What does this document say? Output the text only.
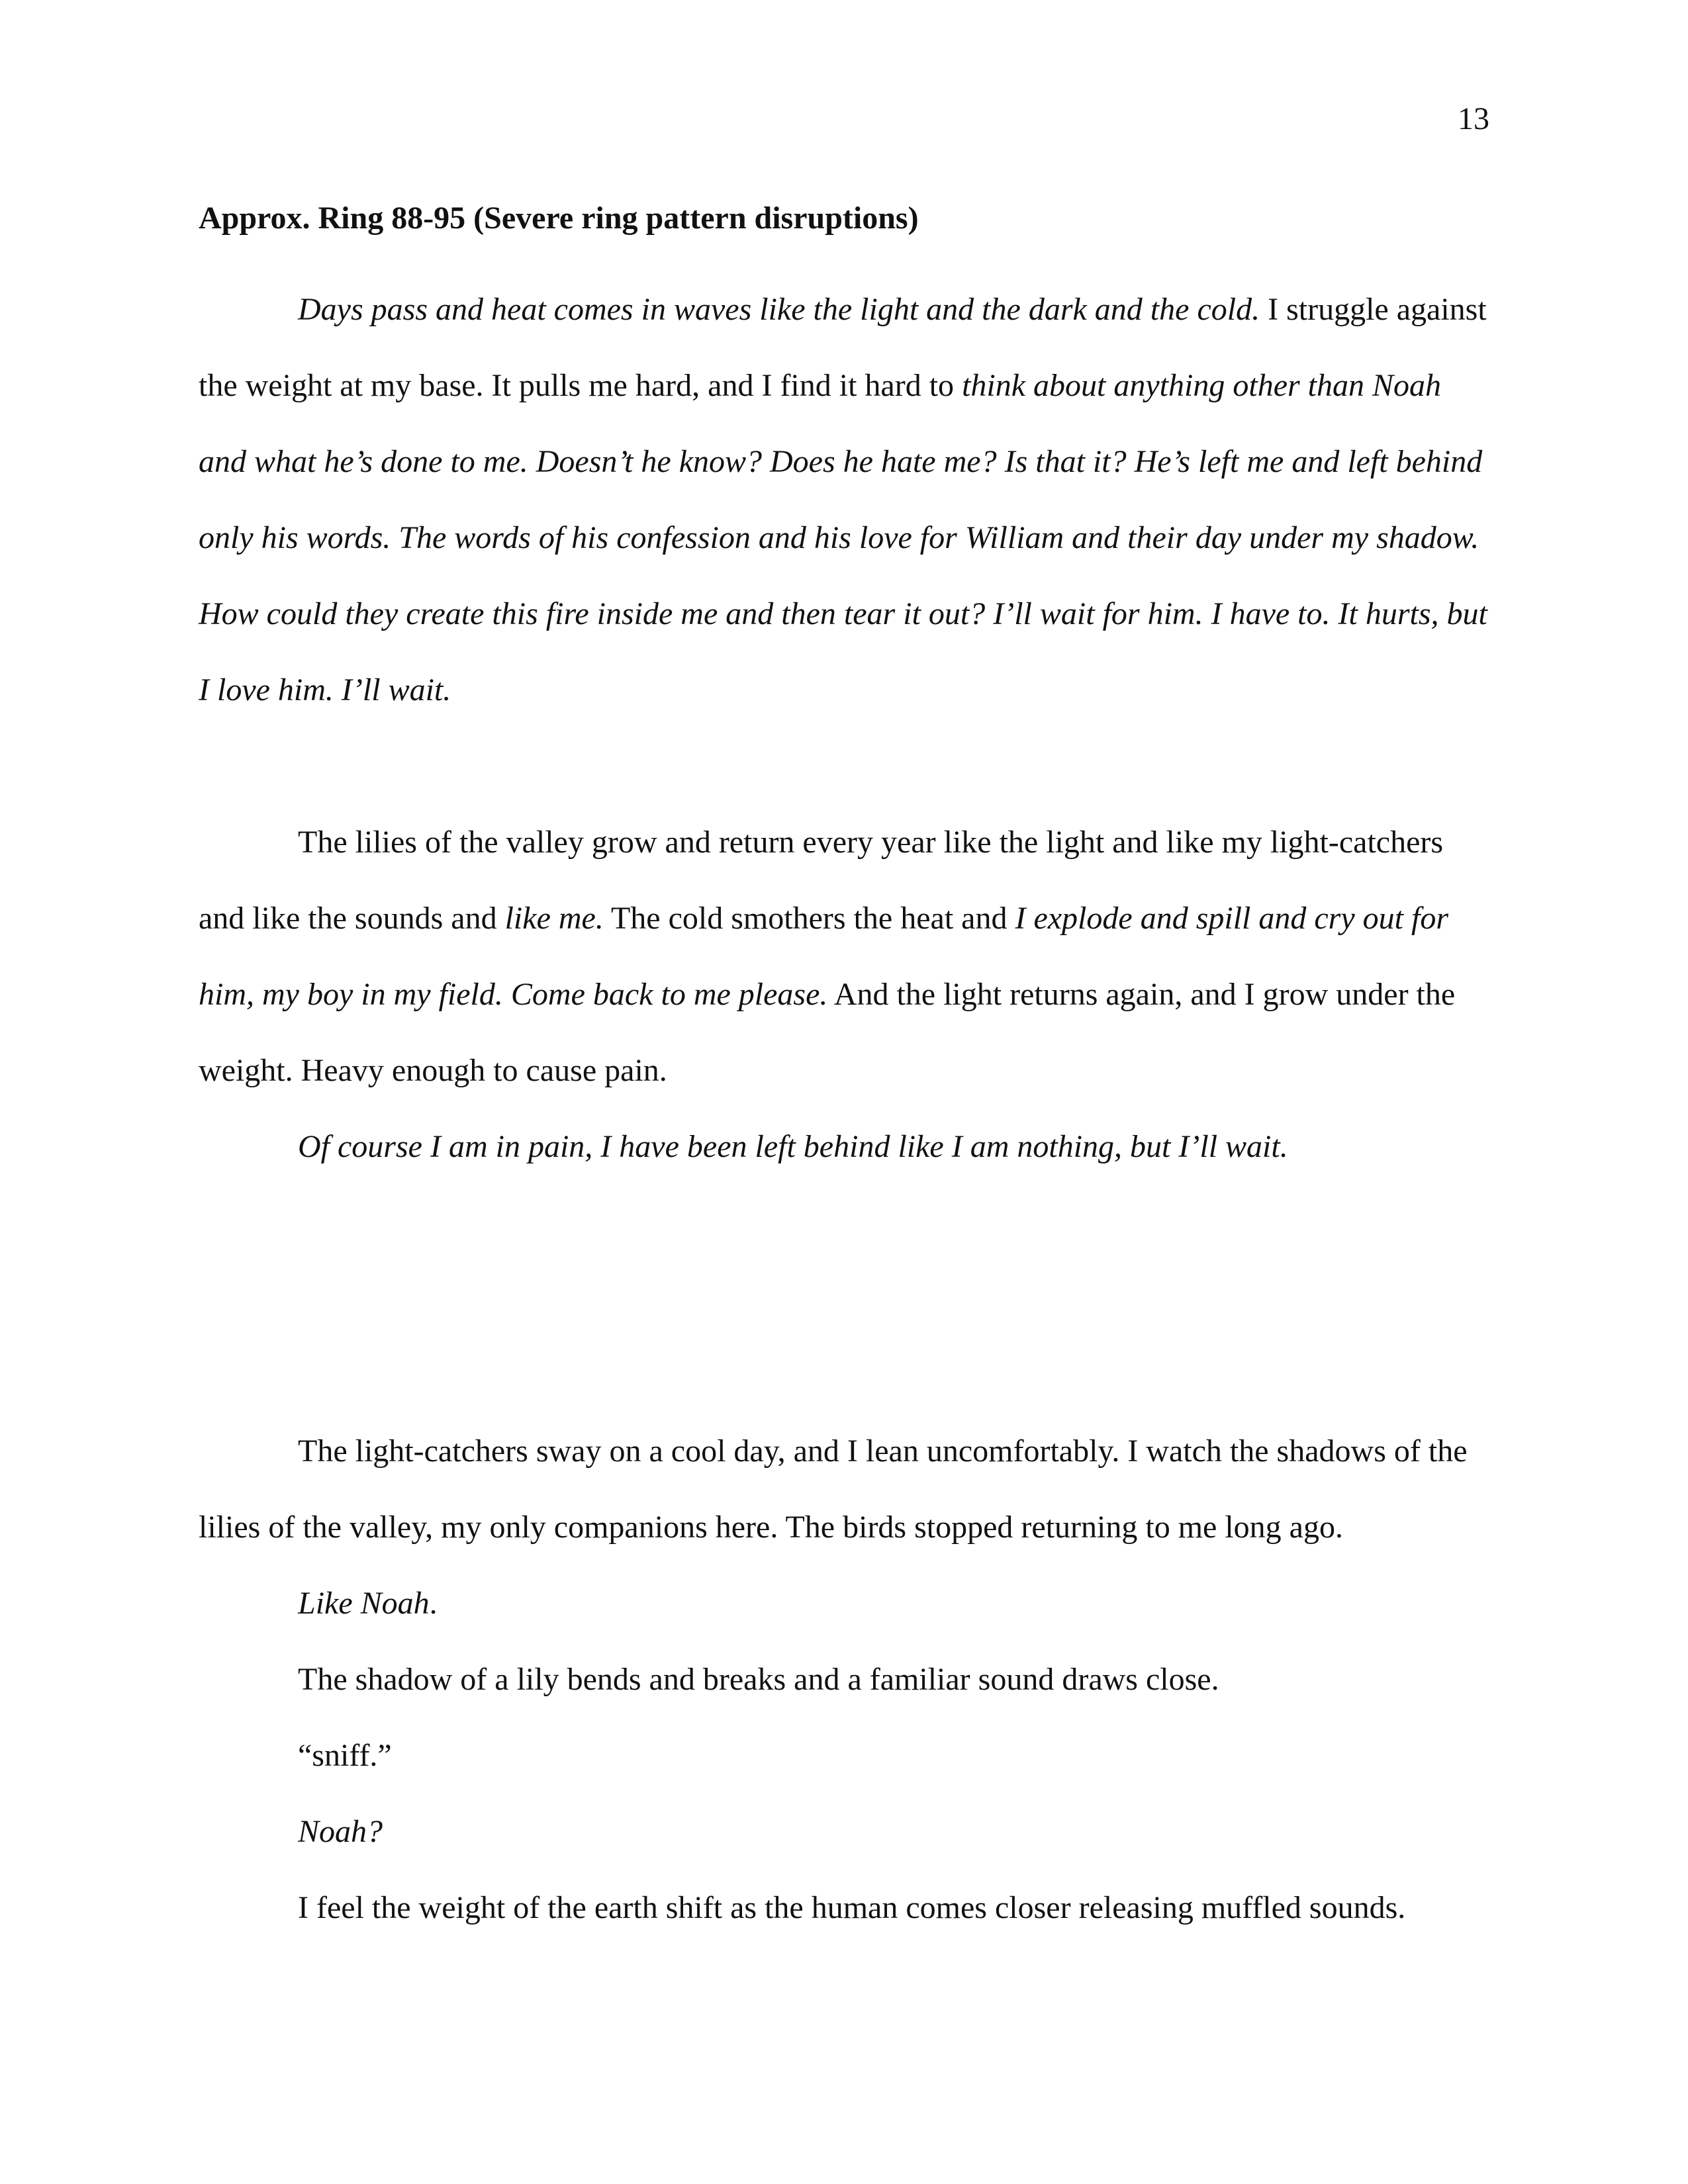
13

Approx. Ring 88-95 (Severe ring pattern disruptions)

Days pass and heat comes in waves like the light and the dark and the cold. I struggle against the weight at my base. It pulls me hard, and I find it hard to think about anything other than Noah and what he’s done to me. Doesn’t he know? Does he hate me? Is that it? He’s left me and left behind only his words. The words of his confession and his love for William and their day under my shadow. How could they create this fire inside me and then tear it out? I’ll wait for him. I have to. It hurts, but I love him. I’ll wait.

The lilies of the valley grow and return every year like the light and like my light-catchers and like the sounds and like me. The cold smothers the heat and I explode and spill and cry out for him, my boy in my field. Come back to me please. And the light returns again, and I grow under the weight. Heavy enough to cause pain.

Of course I am in pain, I have been left behind like I am nothing, but I’ll wait.

The light-catchers sway on a cool day, and I lean uncomfortably. I watch the shadows of the lilies of the valley, my only companions here. The birds stopped returning to me long ago.

Like Noah.

The shadow of a lily bends and breaks and a familiar sound draws close.

“sniff.”

Noah?

I feel the weight of the earth shift as the human comes closer releasing muffled sounds.
